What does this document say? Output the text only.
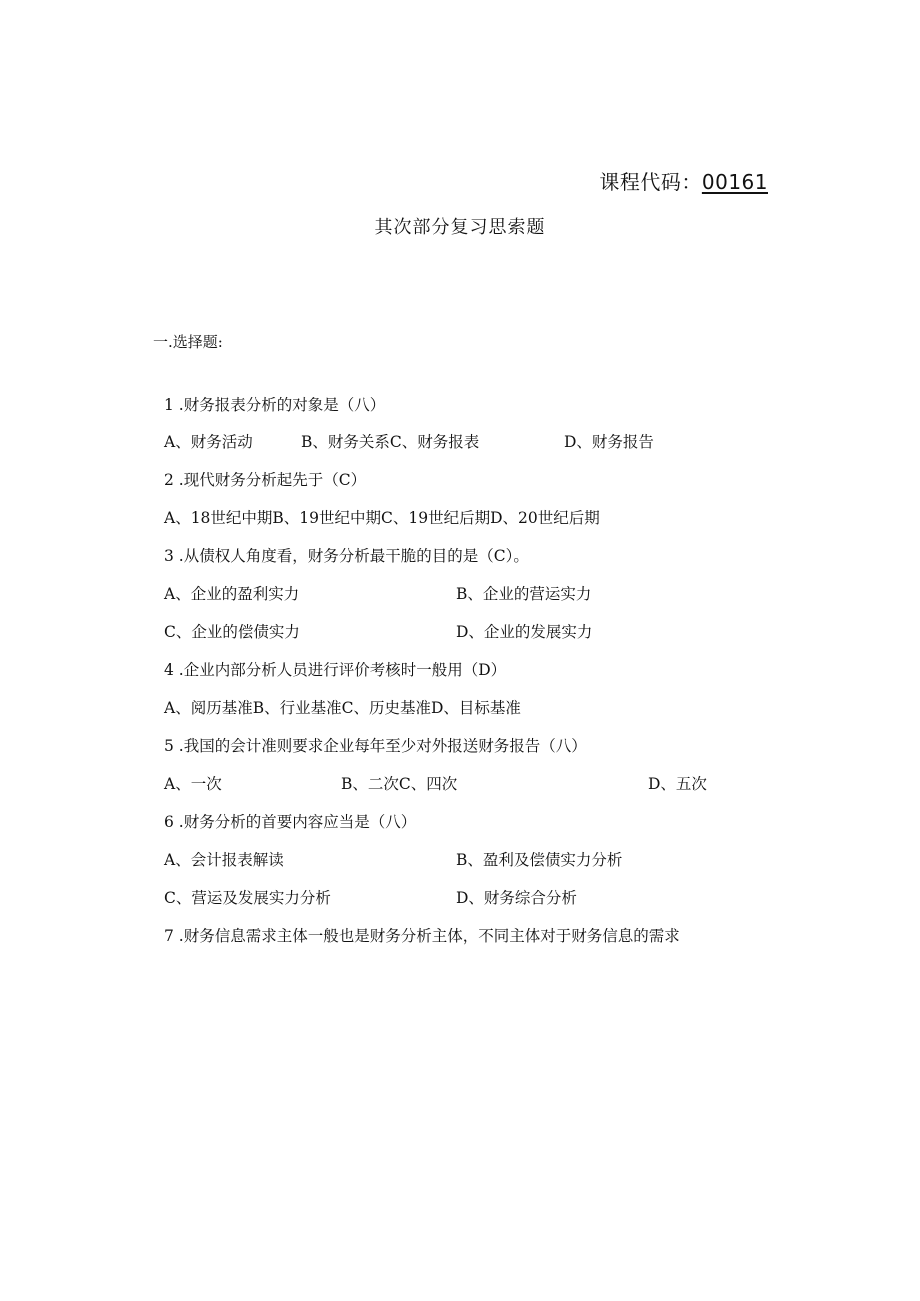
课程代码：00161
其次部分复习思索题
一.选择题:
1 .财务报表分析的对象是（八）
A、财务活动	B、财务关系C、财务报表	D、财务报告
2 .现代财务分析起先于（C）
A、18世纪中期B、19世纪中期C、19世纪后期D、20世纪后期
3 .从债权人角度看，财务分析最干脆的目的是（C）。
A、企业的盈利实力	B、企业的营运实力
C、企业的偿债实力	D、企业的发展实力
4 .企业内部分析人员进行评价考核时一般用（D）
A、阅历基准B、行业基准C、历史基准D、目标基准
5 .我国的会计准则要求企业每年至少对外报送财务报告（八）
A、一次	B、二次C、四次	D、五次
6 .财务分析的首要内容应当是（八）
A、会计报表解读	B、盈利及偿债实力分析
C、营运及发展实力分析	D、财务综合分析
7 .财务信息需求主体一般也是财务分析主体，不同主体对于财务信息的需求
